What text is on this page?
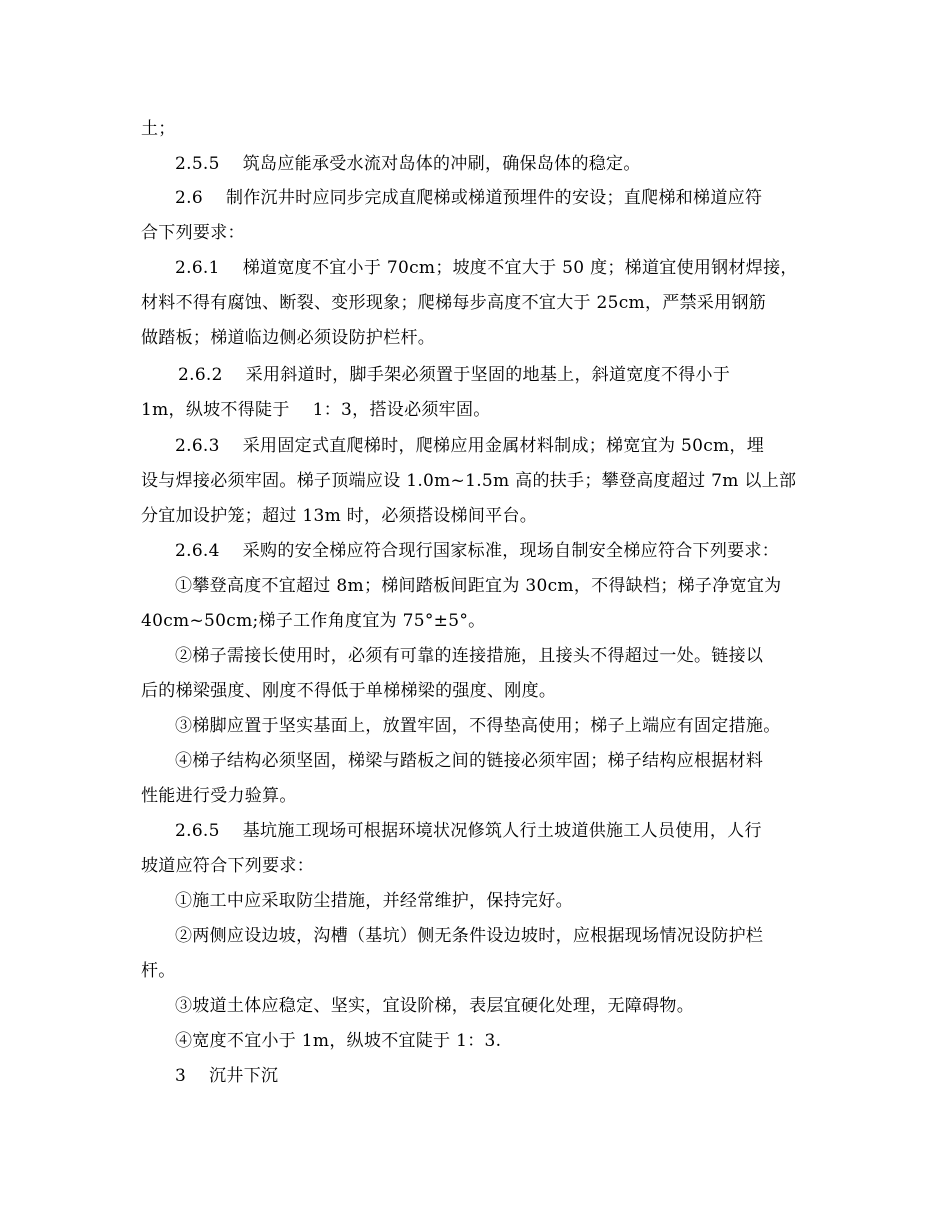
土；
2.5.5　 筑岛应能承受水流对岛体的冲刷，确保岛体的稳定。
2.6　 制作沉井时应同步完成直爬梯或梯道预埋件的安设；直爬梯和梯道应符
合下列要求：
2.6.1　 梯道宽度不宜小于 70cm；坡度不宜大于 50 度；梯道宜使用钢材焊接，
材料不得有腐蚀、断裂、变形现象；爬梯每步高度不宜大于 25cm，严禁采用钢筋
做踏板；梯道临边侧必须设防护栏杆。
2.6.2　 采用斜道时，脚手架必须置于坚固的地基上，斜道宽度不得小于
1m，纵坡不得陡于　 1：3，搭设必须牢固。
2.6.3　 采用固定式直爬梯时，爬梯应用金属材料制成；梯宽宜为 50cm，埋
设与焊接必须牢固。梯子顶端应设 1.0m~1.5m 高的扶手；攀登高度超过 7m 以上部
分宜加设护笼；超过 13m 时，必须搭设梯间平台。
2.6.4　 采购的安全梯应符合现行国家标准，现场自制安全梯应符合下列要求：
①攀登高度不宜超过 8m；梯间踏板间距宜为 30cm，不得缺档；梯子净宽宜为
40cm~50cm;梯子工作角度宜为 75°±5°。
②梯子需接长使用时，必须有可靠的连接措施，且接头不得超过一处。链接以
后的梯梁强度、刚度不得低于单梯梯梁的强度、刚度。
③梯脚应置于坚实基面上，放置牢固，不得垫高使用；梯子上端应有固定措施。
④梯子结构必须坚固，梯梁与踏板之间的链接必须牢固；梯子结构应根据材料
性能进行受力验算。
2.6.5　 基坑施工现场可根据环境状况修筑人行土坡道供施工人员使用，人行
坡道应符合下列要求：
①施工中应采取防尘措施，并经常维护，保持完好。
②两侧应设边坡，沟槽（基坑）侧无条件设边坡时，应根据现场情况设防护栏
杆。
③坡道土体应稳定、坚实，宜设阶梯，表层宜硬化处理，无障碍物。
④宽度不宜小于 1m，纵坡不宜陡于 1：3.
3　 沉井下沉
